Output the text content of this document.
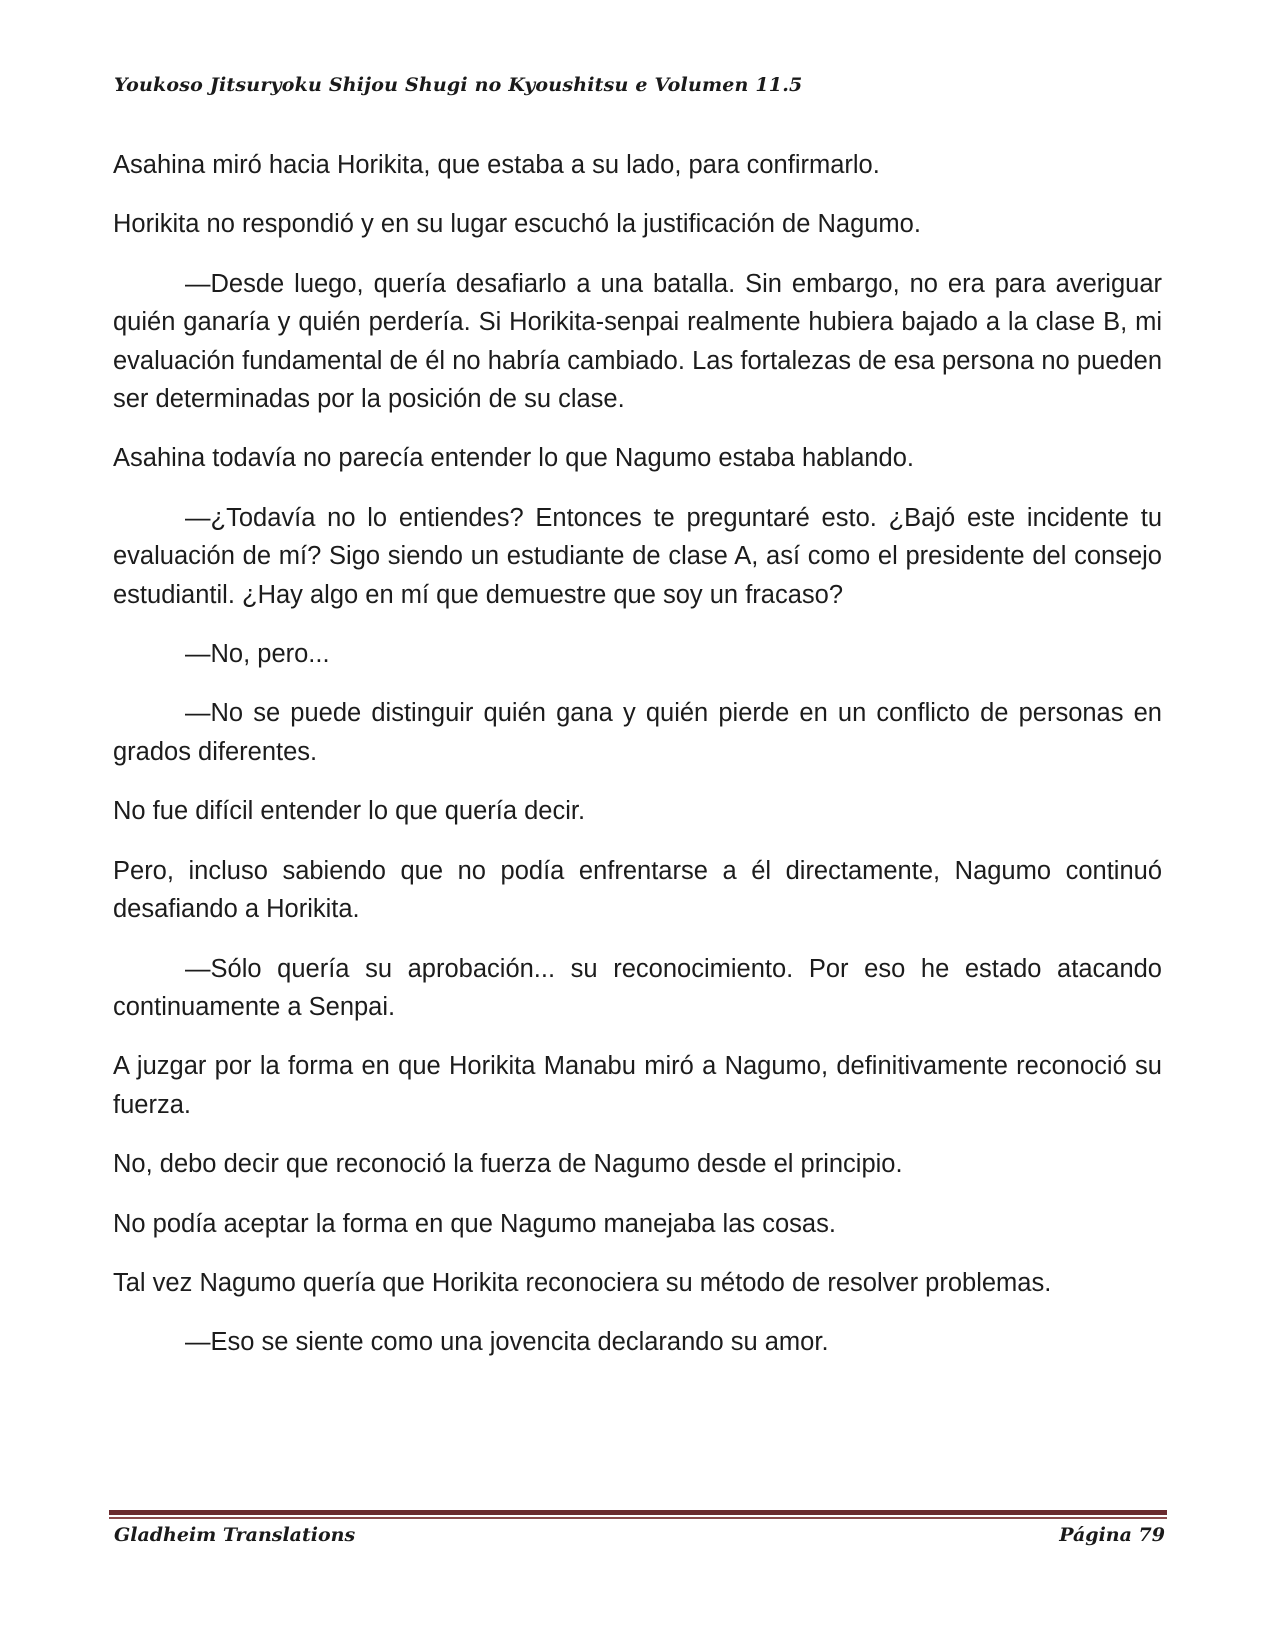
Youkoso Jitsuryoku Shijou Shugi no Kyoushitsu e Volumen 11.5

Asahina miró hacia Horikita, que estaba a su lado, para confirmarlo.

Horikita no respondió y en su lugar escuchó la justificación de Nagumo.

—Desde luego, quería desafiarlo a una batalla. Sin embargo, no era para averiguar quién ganaría y quién perdería. Si Horikita-senpai realmente hubiera bajado a la clase B, mi evaluación fundamental de él no habría cambiado. Las fortalezas de esa persona no pueden ser determinadas por la posición de su clase.

Asahina todavía no parecía entender lo que Nagumo estaba hablando.

—¿Todavía no lo entiendes? Entonces te preguntaré esto. ¿Bajó este incidente tu evaluación de mí? Sigo siendo un estudiante de clase A, así como el presidente del consejo estudiantil. ¿Hay algo en mí que demuestre que soy un fracaso?

—No, pero...

—No se puede distinguir quién gana y quién pierde en un conflicto de personas en grados diferentes.

No fue difícil entender lo que quería decir.

Pero, incluso sabiendo que no podía enfrentarse a él directamente, Nagumo continuó desafiando a Horikita.

—Sólo quería su aprobación... su reconocimiento. Por eso he estado atacando continuamente a Senpai.

A juzgar por la forma en que Horikita Manabu miró a Nagumo, definitivamente reconoció su fuerza.

No, debo decir que reconoció la fuerza de Nagumo desde el principio.

No podía aceptar la forma en que Nagumo manejaba las cosas.

Tal vez Nagumo quería que Horikita reconociera su método de resolver problemas.

—Eso se siente como una jovencita declarando su amor.

Gladheim Translations	Página 79
